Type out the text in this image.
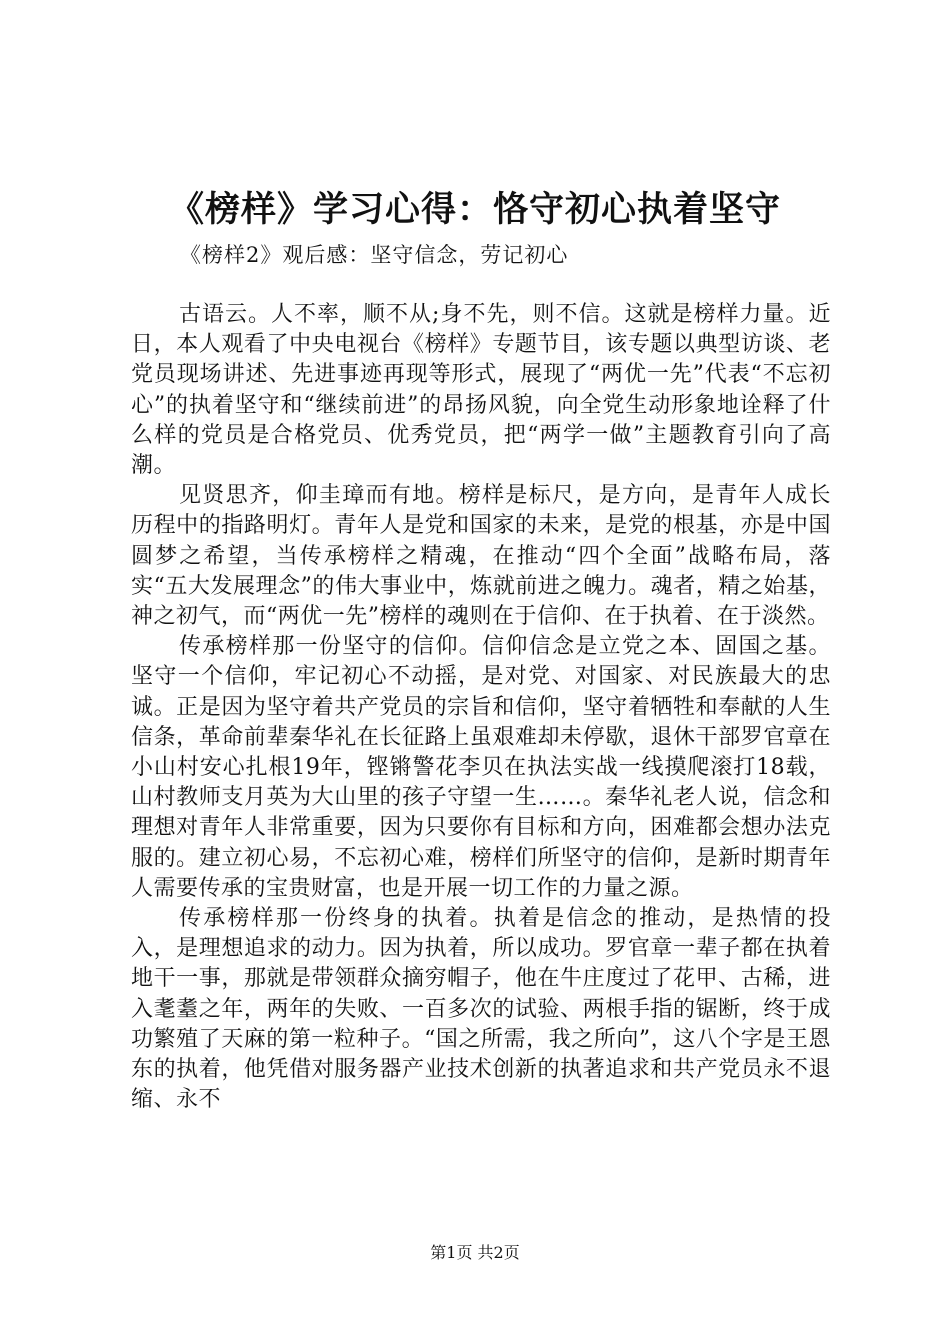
《榜样》学习心得：恪守初心执着坚守

《榜样2》观后感：坚守信念，劳记初心

古语云。人不率，顺不从;身不先，则不信。这就是榜样力量。近日，本人观看了中央电视台《榜样》专题节目，该专题以典型访谈、老党员现场讲述、先进事迹再现等形式，展现了“两优一先”代表“不忘初心”的执着坚守和“继续前进”的昂扬风貌，向全党生动形象地诠释了什么样的党员是合格党员、优秀党员，把“两学一做”主题教育引向了高潮。

见贤思齐，仰圭璋而有地。榜样是标尺，是方向，是青年人成长历程中的指路明灯。青年人是党和国家的未来，是党的根基，亦是中国圆梦之希望，当传承榜样之精魂，在推动“四个全面”战略布局，落实“五大发展理念”的伟大事业中，炼就前进之魄力。魂者，精之始基，神之初气，而“两优一先”榜样的魂则在于信仰、在于执着、在于淡然。

传承榜样那一份坚守的信仰。信仰信念是立党之本、固国之基。坚守一个信仰，牢记初心不动摇，是对党、对国家、对民族最大的忠诚。正是因为坚守着共产党员的宗旨和信仰，坚守着牺牲和奉献的人生信条，革命前辈秦华礼在长征路上虽艰难却未停歇，退休干部罗官章在小山村安心扎根19年，铿锵警花李贝在执法实战一线摸爬滚打18载，山村教师支月英为大山里的孩子守望一生……。秦华礼老人说，信念和理想对青年人非常重要，因为只要你有目标和方向，困难都会想办法克服的。建立初心易，不忘初心难，榜样们所坚守的信仰，是新时期青年人需要传承的宝贵财富，也是开展一切工作的力量之源。

传承榜样那一份终身的执着。执着是信念的推动，是热情的投入，是理想追求的动力。因为执着，所以成功。罗官章一辈子都在执着地干一事，那就是带领群众摘穷帽子，他在牛庄度过了花甲、古稀，进入耄耋之年，两年的失败、一百多次的试验、两根手指的锯断，终于成功繁殖了天麻的第一粒种子。“国之所需，我之所向”，这八个字是王恩东的执着，他凭借对服务器产业技术创新的执著追求和共产党员永不退缩、永不

第1页 共2页
